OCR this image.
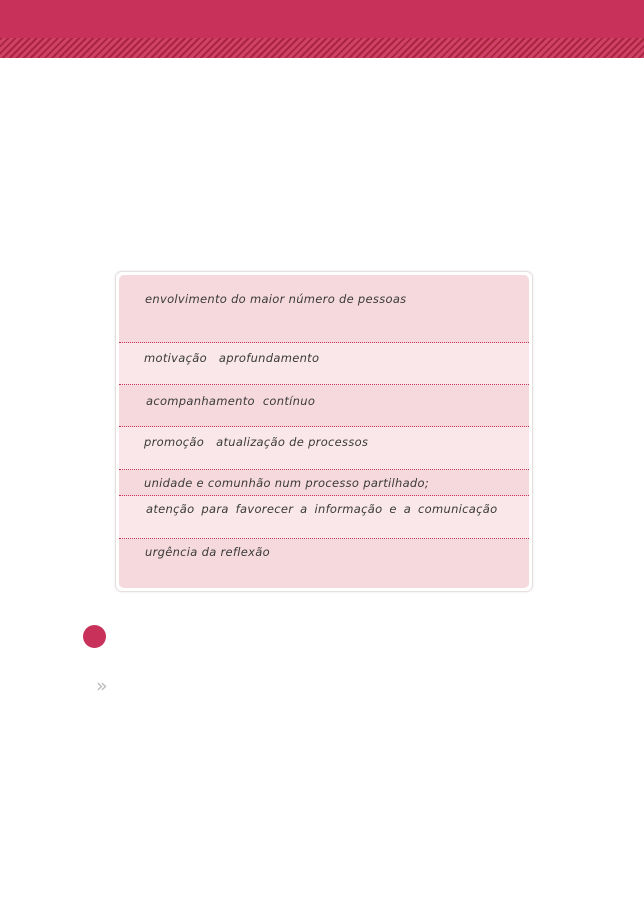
envolvimento do maior número de pessoas
motivação aprofundamento
acompanhamento contínuo
promoção atualização de processos
unidade e comunhão num processo partilhado;
atenção para favorecer a informação e a comunicação
urgência da reflexão
»
